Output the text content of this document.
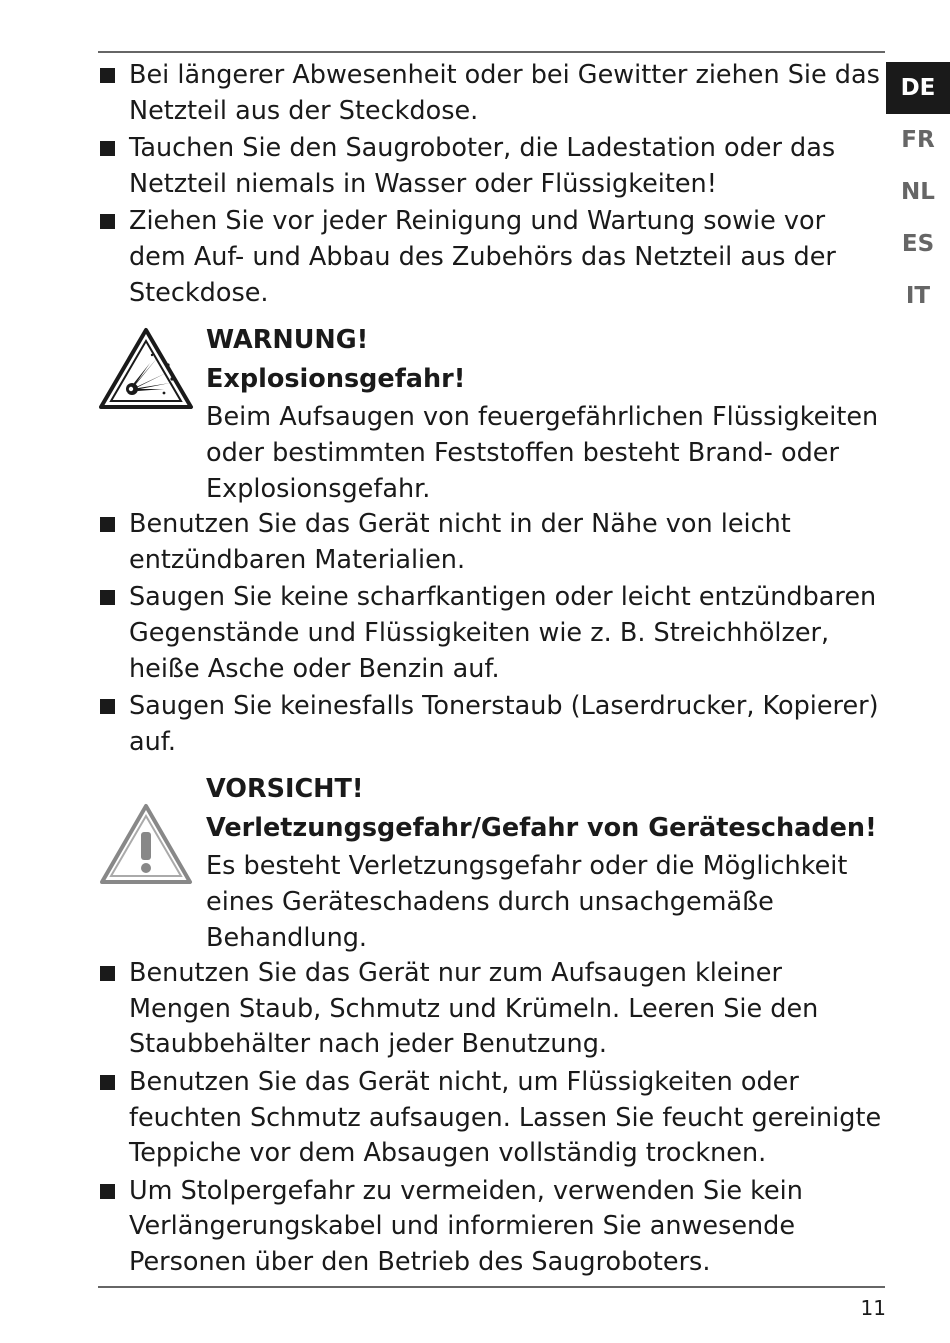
Bei längerer Abwesenheit oder bei Gewitter ziehen Sie das Netzteil aus der Steckdose.
Tauchen Sie den Saugroboter, die Ladestation oder das Netzteil niemals in Wasser oder Flüssigkeiten!
Ziehen Sie vor jeder Reinigung und Wartung sowie vor dem Auf- und Abbau des Zubehörs das Netzteil aus der Steckdose.
WARNUNG!
Explosionsgefahr!
Beim Aufsaugen von feuergefährlichen Flüssigkeiten oder bestimmten Feststoffen besteht Brand- oder Explosionsgefahr.
Benutzen Sie das Gerät nicht in der Nähe von leicht entzündbaren Materialien.
Saugen Sie keine scharfkantigen oder leicht entzündbaren Gegenstände und Flüssigkeiten wie z. B. Streichhölzer, heiße Asche oder Benzin auf.
Saugen Sie keinesfalls Tonerstaub (Laserdrucker, Kopierer) auf.
VORSICHT!
Verletzungsgefahr/Gefahr von Geräteschaden!
Es besteht Verletzungsgefahr oder die Möglichkeit eines Geräteschadens durch unsachgemäße Behandlung.
Benutzen Sie das Gerät nur zum Aufsaugen kleiner Mengen Staub, Schmutz und Krümeln. Leeren Sie den Staubbehälter nach jeder Benutzung.
Benutzen Sie das Gerät nicht, um Flüssigkeiten oder feuchten Schmutz aufsaugen. Lassen Sie feucht gereinigte Teppiche vor dem Absaugen vollständig trocknen.
Um Stolpergefahr zu vermeiden, verwenden Sie kein Verlängerungskabel und informieren Sie anwesende Personen über den Betrieb des Saugroboters.
DE
FR
NL
ES
IT
11
